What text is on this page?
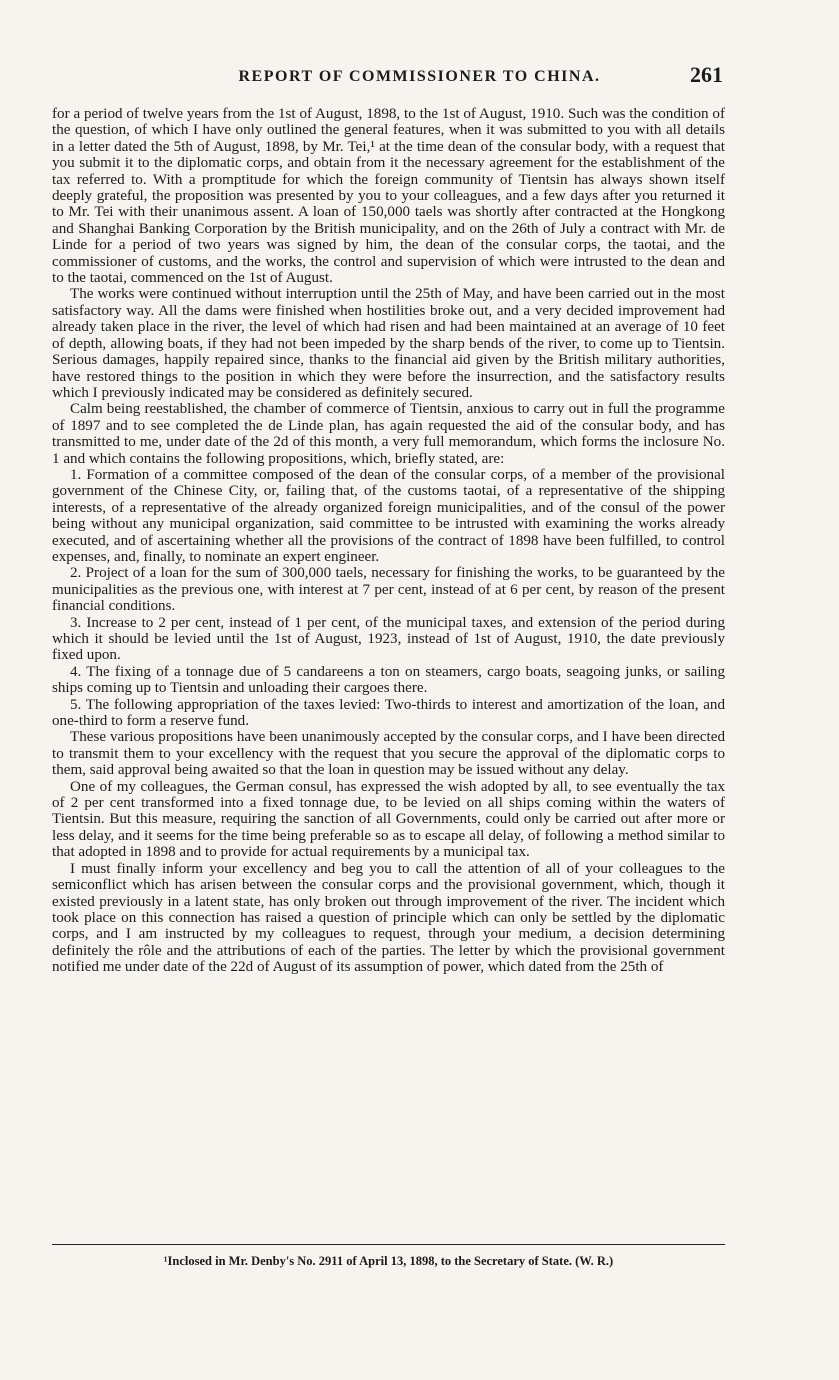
REPORT OF COMMISSIONER TO CHINA.	261

for a period of twelve years from the 1st of August, 1898, to the 1st of August, 1910. Such was the condition of the question, of which I have only outlined the general features, when it was submitted to you with all details in a letter dated the 5th of August, 1898, by Mr. Tei,¹ at the time dean of the consular body, with a request that you submit it to the diplomatic corps, and obtain from it the necessary agreement for the establishment of the tax referred to. With a promptitude for which the foreign community of Tientsin has always shown itself deeply grateful, the proposition was presented by you to your colleagues, and a few days after you returned it to Mr. Tei with their unanimous assent. A loan of 150,000 taels was shortly after contracted at the Hongkong and Shanghai Banking Corporation by the British municipality, and on the 26th of July a contract with Mr. de Linde for a period of two years was signed by him, the dean of the consular corps, the taotai, and the commissioner of customs, and the works, the control and supervision of which were intrusted to the dean and to the taotai, commenced on the 1st of August.

The works were continued without interruption until the 25th of May, and have been carried out in the most satisfactory way. All the dams were finished when hostilities broke out, and a very decided improvement had already taken place in the river, the level of which had risen and had been maintained at an average of 10 feet of depth, allowing boats, if they had not been impeded by the sharp bends of the river, to come up to Tientsin. Serious damages, happily repaired since, thanks to the financial aid given by the British military authorities, have restored things to the position in which they were before the insurrection, and the satisfactory results which I previously indicated may be considered as definitely secured.

Calm being reestablished, the chamber of commerce of Tientsin, anxious to carry out in full the programme of 1897 and to see completed the de Linde plan, has again requested the aid of the consular body, and has transmitted to me, under date of the 2d of this month, a very full memorandum, which forms the inclosure No. 1 and which contains the following propositions, which, briefly stated, are:

1. Formation of a committee composed of the dean of the consular corps, of a member of the provisional government of the Chinese City, or, failing that, of the customs taotai, of a representative of the shipping interests, of a representative of the already organized foreign municipalities, and of the consul of the power being without any municipal organization, said committee to be intrusted with examining the works already executed, and of ascertaining whether all the provisions of the contract of 1898 have been fulfilled, to control expenses, and, finally, to nominate an expert engineer.

2. Project of a loan for the sum of 300,000 taels, necessary for finishing the works, to be guaranteed by the municipalities as the previous one, with interest at 7 per cent, instead of at 6 per cent, by reason of the present financial conditions.

3. Increase to 2 per cent, instead of 1 per cent, of the municipal taxes, and extension of the period during which it should be levied until the 1st of August, 1923, instead of 1st of August, 1910, the date previously fixed upon.

4. The fixing of a tonnage due of 5 candareens a ton on steamers, cargo boats, seagoing junks, or sailing ships coming up to Tientsin and unloading their cargoes there.

5. The following appropriation of the taxes levied: Two-thirds to interest and amortization of the loan, and one-third to form a reserve fund.

These various propositions have been unanimously accepted by the consular corps, and I have been directed to transmit them to your excellency with the request that you secure the approval of the diplomatic corps to them, said approval being awaited so that the loan in question may be issued without any delay.

One of my colleagues, the German consul, has expressed the wish adopted by all, to see eventually the tax of 2 per cent transformed into a fixed tonnage due, to be levied on all ships coming within the waters of Tientsin. But this measure, requiring the sanction of all Governments, could only be carried out after more or less delay, and it seems for the time being preferable so as to escape all delay, of following a method similar to that adopted in 1898 and to provide for actual requirements by a municipal tax.

I must finally inform your excellency and beg you to call the attention of all of your colleagues to the semiconflict which has arisen between the consular corps and the provisional government, which, though it existed previously in a latent state, has only broken out through improvement of the river. The incident which took place on this connection has raised a question of principle which can only be settled by the diplomatic corps, and I am instructed by my colleagues to request, through your medium, a decision determining definitely the rôle and the attributions of each of the parties. The letter by which the provisional government notified me under date of the 22d of August of its assumption of power, which dated from the 25th of

¹Inclosed in Mr. Denby's No. 2911 of April 13, 1898, to the Secretary of State. (W. R.)
